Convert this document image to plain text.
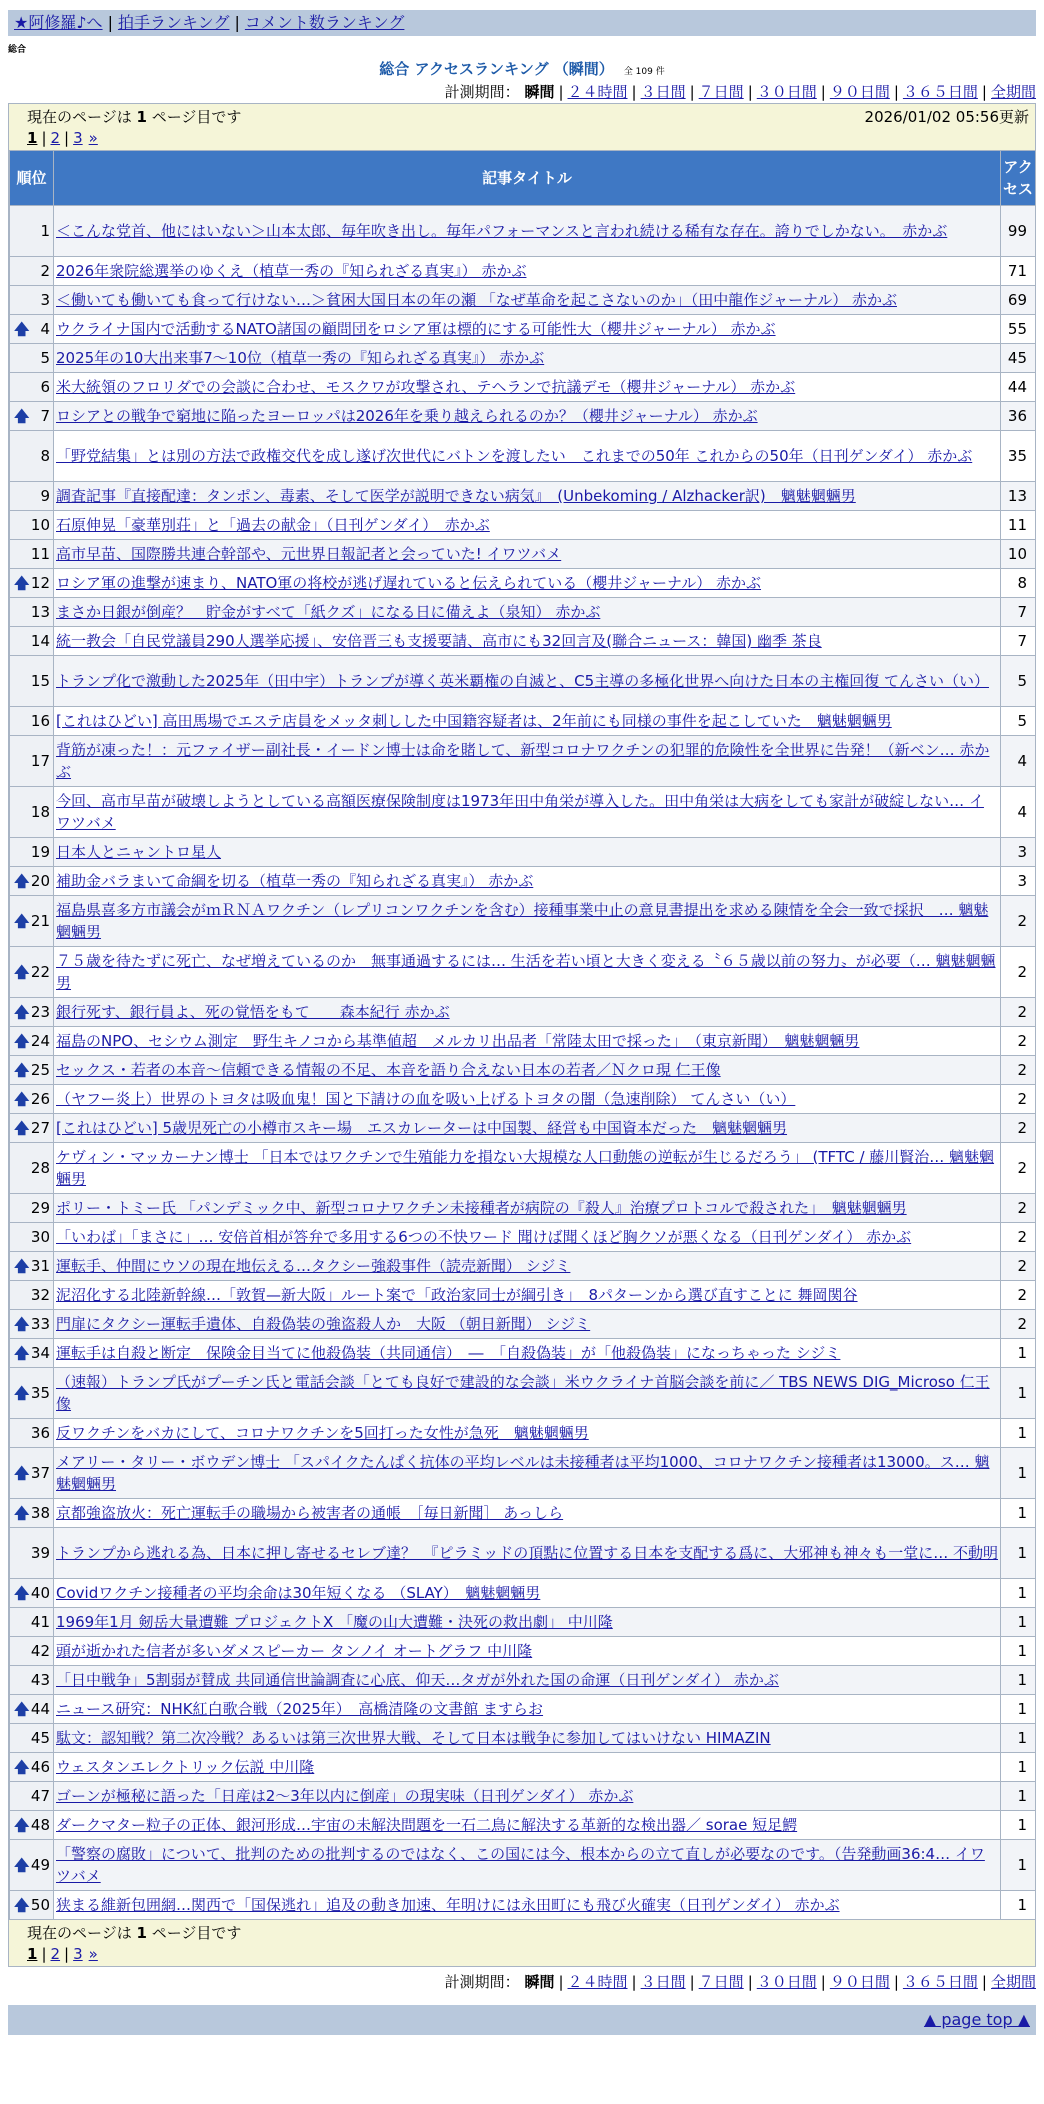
★阿修羅♪へ | 拍手ランキング | コメント数ランキング
総合
総合 アクセスランキング （瞬間） 全 109 件
計測期間： 瞬間 | ２４時間 | ３日間 | ７日間 | ３０日間 | ９０日間 | ３６５日間 | 全期間
現在のページは 1 ページ目です	2026/01/02 05:56更新
1 | 2 | 3 »
順位	記事タイトル	アクセス
1	＜こんな党首、他にはいない＞山本太郎、毎年吹き出し。毎年パフォーマンスと言われ続ける稀有な存在。誇りでしかない。　赤かぶ	99
2	2026年衆院総選挙のゆくえ（植草一秀の『知られざる真実』） 赤かぶ	71
3	＜働いても働いても食って行けない…＞貧困大国日本の年の瀬 「なぜ革命を起こさないのか」（田中龍作ジャーナル） 赤かぶ	69

🡅 4	ウクライナ国内で活動するNATO諸国の顧問団をロシア軍は標的にする可能性大（櫻井ジャーナル） 赤かぶ	55
5	2025年の10大出来事7〜10位（植草一秀の『知られざる真実』） 赤かぶ	45
6	米大統領のフロリダでの会談に合わせ、モスクワが攻撃され、テヘランで抗議デモ（櫻井ジャーナル） 赤かぶ	44

🡅 7	ロシアとの戦争で窮地に陥ったヨーロッパは2026年を乗り越えられるのか？（櫻井ジャーナル） 赤かぶ	36
8	「野党結集」とは別の方法で政権交代を成し遂げ次世代にバトンを渡したい　これまでの50年 これからの50年（日刊ゲンダイ） 赤かぶ	35
9	調査記事『直接配達：タンポン、毒素、そして医学が説明できない病気』　(Unbekoming / Alzhacker訳)　魑魅魍魎男	13
10	石原伸晃「豪華別荘」と「過去の献金」（日刊ゲンダイ）　赤かぶ	11
11	高市早苗、国際勝共連合幹部や、元世界日報記者と会っていた! イワツバメ	10

🡅 12	ロシア軍の進撃が速まり、NATO軍の将校が逃げ遅れていると伝えられている（櫻井ジャーナル） 赤かぶ	8
13	まさか日銀が倒産？　貯金がすべて「紙クズ」になる日に備えよ（泉知） 赤かぶ	7
14	統一教会「自民党議員290人選挙応援」、安倍晋三も支援要請、高市にも32回言及(聯合ニュース：韓国) 幽季 茶良	7
15	トランプ化で激動した2025年（田中宇）トランプが導く英米覇権の自滅と、C5主導の多極化世界へ向けた日本の主権回復 てんさい（い）	5
16	[これはひどい] 高田馬場でエステ店員をメッタ刺しした中国籍容疑者は、2年前にも同様の事件を起こしていた　魑魅魍魎男	5
17	背筋が凍った！：元ファイザー副社長・イードン博士は命を賭して、新型コロナワクチンの犯罪的危険性を全世界に告発！（新ベン… 赤かぶ	4
18	今回、高市早苗が破壊しようとしている高額医療保険制度は1973年田中角栄が導入した。田中角栄は大病をしても家計が破綻しない… イワツバメ	4
19	日本人とニャントロ星人	3

🡅 20	補助金バラまいて命綱を切る（植草一秀の『知られざる真実』） 赤かぶ	3

🡅 21	福島県喜多方市議会がｍＲＮＡワクチン（レプリコンワクチンを含む）接種事業中止の意見書提出を求める陳情を全会一致で採択　… 魑魅魍魎男	2

🡅 22	７５歳を待たずに死亡、なぜ増えているのか　無事通過するには… 生活を若い頃と大きく変える〝６５歳以前の努力〟が必要（… 魑魅魍魎男	2

🡅 23	銀行死す、銀行員よ、死の覚悟をもて　　森本紀行 赤かぶ	2

🡅 24	福島のNPO、セシウム測定　野生キノコから基準値超　メルカリ出品者「常陸太田で採った」　（東京新聞）　魑魅魍魎男	2

🡅 25	セックス・若者の本音〜信頼できる情報の不足、本音を語り合えない日本の若者／Ｎクロ現 仁王像	2

🡅 26	（ヤフー炎上）世界のトヨタは吸血鬼！国と下請けの血を吸い上げるトヨタの闇（急速削除） てんさい（い）	2

🡅 27	[これはひどい] 5歳児死亡の小樽市スキー場　エスカレーターは中国製、経営も中国資本だった　魑魅魍魎男	2
28	ケヴィン・マッカーナン博士 「日本ではワクチンで生殖能力を損ない大規模な人口動態の逆転が生じるだろう」 (TFTC / 藤川賢治… 魑魅魍魎男	2
29	ポリー・トミー氏 「パンデミック中、新型コロナワクチン未接種者が病院の『殺人』治療プロトコルで殺された」　魑魅魍魎男	2
30	「いわば」「まさに」… 安倍首相が答弁で多用する6つの不快ワード 聞けば聞くほど胸クソが悪くなる（日刊ゲンダイ） 赤かぶ	2

🡅 31	運転手、仲間にウソの現在地伝える…タクシー強殺事件（読売新聞） シジミ	2
32	泥沼化する北陸新幹線…「敦賀—新大阪」ルート案で「政治家同士が綱引き」　8パターンから選び直すことに 舞岡関谷	2

🡅 33	門扉にタクシー運転手遺体、自殺偽装の強盗殺人か　大阪 （朝日新聞） シジミ	2

🡅 34	運転手は自殺と断定　保険金目当てに他殺偽装（共同通信）　―　「自殺偽装」が「他殺偽装」になっちゃった シジミ	1

🡅 35	（速報）トランプ氏がプーチン氏と電話会談「とても良好で建設的な会談」米ウクライナ首脳会談を前に／ TBS NEWS DIG_Microso 仁王像	1
36	反ワクチンをバカにして、コロナワクチンを5回打った女性が急死　魑魅魍魎男	1

🡅 37	メアリー・タリー・ボウデン博士 「スパイクたんぱく抗体の平均レベルは未接種者は平均1000、コロナワクチン接種者は13000。ス… 魑魅魍魎男	1

🡅 38	京都強盗放火：死亡運転手の職場から被害者の通帳　［毎日新聞］ あっしら	1
39	トランプから逃れる為、日本に押し寄せるセレブ達？　『ピラミッドの頂點に位置する日本を支配する爲に、大邪神も神々も一堂に… 不動明	1

🡅 40	Covidワクチン接種者の平均余命は30年短くなる （SLAY）　魑魅魍魎男	1
41	1969年1月 剱岳大量遭難 プロジェクトX 「魔の山大遭難・決死の救出劇」 中川隆	1
42	頭が逝かれた信者が多いダメスピーカー タンノイ オートグラフ 中川隆	1
43	「日中戦争」5割弱が賛成 共同通信世論調査に心底、仰天…タガが外れた国の命運（日刊ゲンダイ） 赤かぶ	1

🡅 44	ニュース研究：NHK紅白歌合戦（2025年）　高橋清隆の文書館 ますらお	1
45	駄文：認知戦？第二次冷戦？あるいは第三次世界大戦、そして日本は戦争に参加してはいけない HIMAZIN	1

🡅 46	ウェスタンエレクトリック伝説 中川隆	1
47	ゴーンが極秘に語った「日産は2〜3年以内に倒産」の現実味（日刊ゲンダイ） 赤かぶ	1

🡅 48	ダークマター粒子の正体、銀河形成…宇宙の未解決問題を一石二鳥に解決する革新的な検出器／ sorae 短足鰐	1

🡅 49	「警察の腐敗」について、批判のための批判するのではなく、この国には今、根本からの立て直しが必要なのです。（告発動画36:4… イワツバメ	1

🡅 50	狭まる維新包囲網…関西で「国保逃れ」追及の動き加速、年明けには永田町にも飛び火確実（日刊ゲンダイ） 赤かぶ	1
現在のページは 1 ページ目です
1 | 2 | 3 »
計測期間： 瞬間 | ２４時間 | ３日間 | ７日間 | ３０日間 | ９０日間 | ３６５日間 | 全期間
▲ page top ▲
